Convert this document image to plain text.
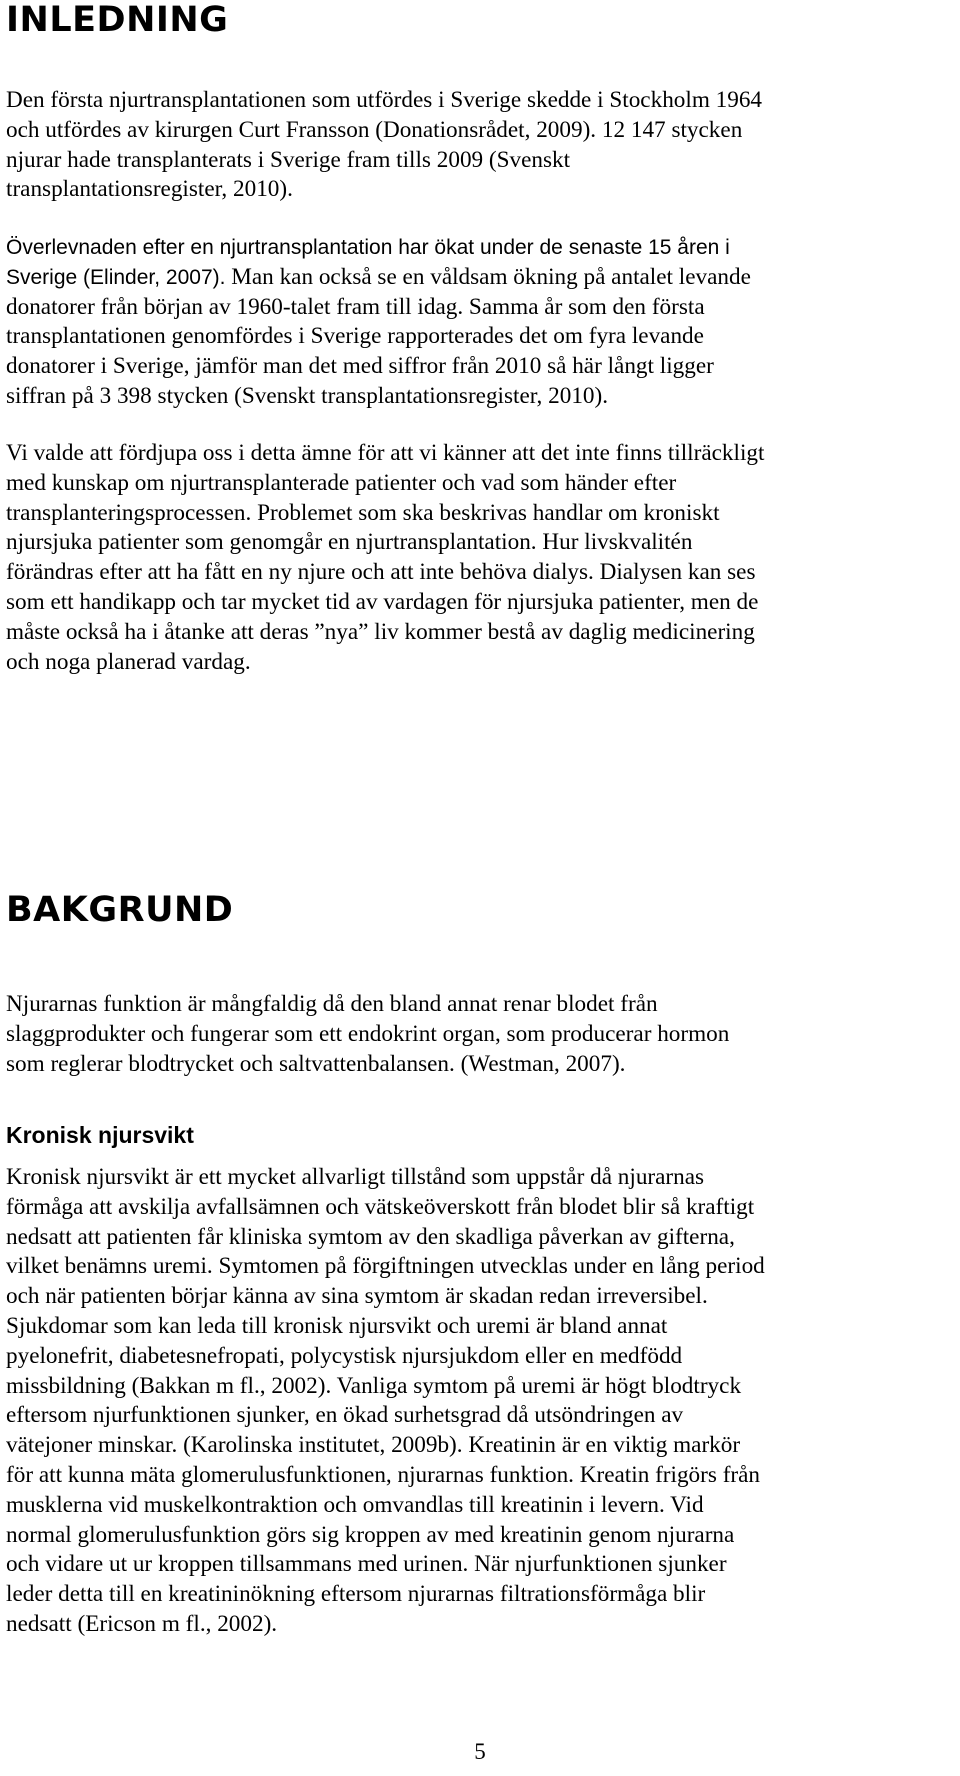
INLEDNING
Den första njurtransplantationen som utfördes i Sverige skedde i Stockholm 1964
och utfördes av kirurgen Curt Fransson (Donationsrådet, 2009). 12 147 stycken
njurar hade transplanterats i Sverige fram tills 2009 (Svenskt
transplantationsregister, 2010).
Överlevnaden efter en njurtransplantation har ökat under de senaste 15 åren i
Sverige (Elinder, 2007). Man kan också se en våldsam ökning på antalet levande
donatorer från början av 1960-talet fram till idag. Samma år som den första
transplantationen genomfördes i Sverige rapporterades det om fyra levande
donatorer i Sverige, jämför man det med siffror från 2010 så här långt ligger
siffran på 3 398 stycken (Svenskt transplantationsregister, 2010).
Vi valde att fördjupa oss i detta ämne för att vi känner att det inte finns tillräckligt
med kunskap om njurtransplanterade patienter och vad som händer efter
transplanteringsprocessen. Problemet som ska beskrivas handlar om kroniskt
njursjuka patienter som genomgår en njurtransplantation. Hur livskvalitén
förändras efter att ha fått en ny njure och att inte behöva dialys. Dialysen kan ses
som ett handikapp och tar mycket tid av vardagen för njursjuka patienter, men de
måste också ha i åtanke att deras ”nya” liv kommer bestå av daglig medicinering
och noga planerad vardag.
BAKGRUND
Njurarnas funktion är mångfaldig då den bland annat renar blodet från
slaggprodukter och fungerar som ett endokrint organ, som producerar hormon
som reglerar blodtrycket och saltvattenbalansen. (Westman, 2007).
Kronisk njursvikt
Kronisk njursvikt är ett mycket allvarligt tillstånd som uppstår då njurarnas
förmåga att avskilja avfallsämnen och vätskeöverskott från blodet blir så kraftigt
nedsatt att patienten får kliniska symtom av den skadliga påverkan av gifterna,
vilket benämns uremi. Symtomen på förgiftningen utvecklas under en lång period
och när patienten börjar känna av sina symtom är skadan redan irreversibel.
Sjukdomar som kan leda till kronisk njursvikt och uremi är bland annat
pyelonefrit, diabetesnefropati, polycystisk njursjukdom eller en medfödd
missbildning (Bakkan m fl., 2002). Vanliga symtom på uremi är högt blodtryck
eftersom njurfunktionen sjunker, en ökad surhetsgrad då utsöndringen av
vätejoner minskar. (Karolinska institutet, 2009b). Kreatinin är en viktig markör
för att kunna mäta glomerulusfunktionen, njurarnas funktion. Kreatin frigörs från
musklerna vid muskelkontraktion och omvandlas till kreatinin i levern. Vid
normal glomerulusfunktion görs sig kroppen av med kreatinin genom njurarna
och vidare ut ur kroppen tillsammans med urinen. När njurfunktionen sjunker
leder detta till en kreatininökning eftersom njurarnas filtrationsförmåga blir
nedsatt (Ericson m fl., 2002).
5
